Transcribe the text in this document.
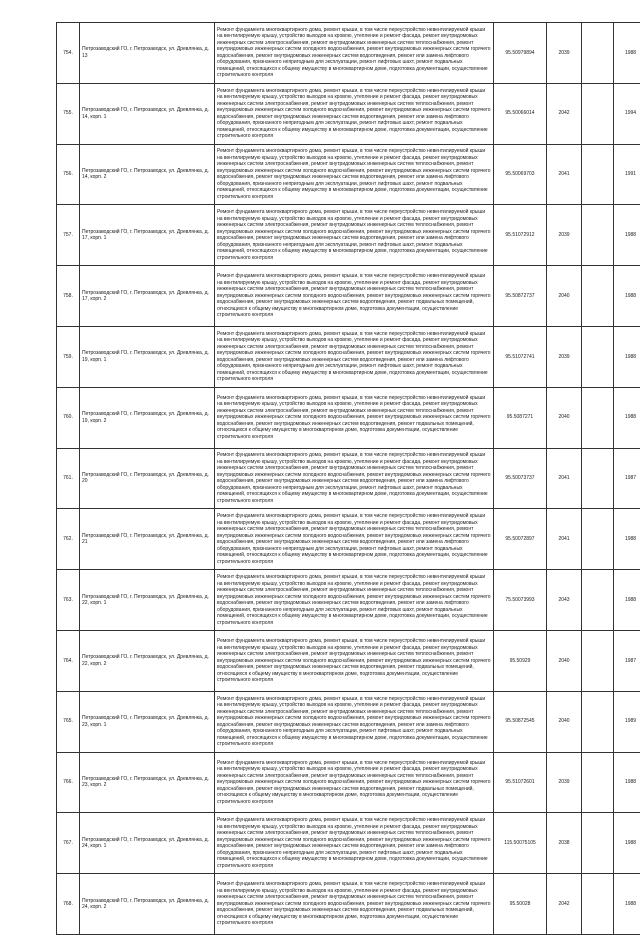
754.	Петрозаводский ГО, г. Петрозаводск, ул. Древлянка, д. 13	Ремонт фундамента многоквартирного дома, ремонт крыши, в том числе переустройство невентилируемой крыши на вентилируемую крышу, устройство выходов на кровлю, утепление и ремонт фасада, ремонт внутридомовых инженерных систем электроснабжения, ремонт внутридомовых инженерных систем теплоснабжения, ремонт внутридомовых инженерных систем холодного водоснабжения, ремонт внутридомовых инженерных систем горячего водоснабжения, ремонт внутридомовых инженерных систем водоотведения, ремонт или замена лифтового оборудования, признанного непригодным для эксплуатации, ремонт лифтовых шахт, ремонт подвальных помещений, относящихся к общему имуществу в многоквартирном доме, подготовка документации, осуществление строительного контроля	95.50979894	2039		1988
755.	Петрозаводский ГО, г. Петрозаводск, ул. Древлянка, д. 14, корп. 1	Ремонт фундамента многоквартирного дома, ремонт крыши, в том числе переустройство невентилируемой крыши на вентилируемую крышу, устройство выходов на кровлю, утепление и ремонт фасада, ремонт внутридомовых инженерных систем электроснабжения, ремонт внутридомовых инженерных систем теплоснабжения, ремонт внутридомовых инженерных систем холодного водоснабжения, ремонт внутридомовых инженерных систем горячего водоснабжения, ремонт внутридомовых инженерных систем водоотведения, ремонт или замена лифтового оборудования, признанного непригодным для эксплуатации, ремонт лифтовых шахт, ремонт подвальных помещений, относящихся к общему имуществу в многоквартирном доме, подготовка документации, осуществление строительного контроля	95.50066014	2042		1994
756.	Петрозаводский ГО, г. Петрозаводск, ул. Древлянка, д. 14, корп. 2	Ремонт фундамента многоквартирного дома, ремонт крыши, в том числе переустройство невентилируемой крыши на вентилируемую крышу, устройство выходов на кровлю, утепление и ремонт фасада, ремонт внутридомовых инженерных систем электроснабжения, ремонт внутридомовых инженерных систем теплоснабжения, ремонт внутридомовых инженерных систем холодного водоснабжения, ремонт внутридомовых инженерных систем горячего водоснабжения, ремонт внутридомовых инженерных систем водоотведения, ремонт или замена лифтового оборудования, признанного непригодным для эксплуатации, ремонт лифтовых шахт, ремонт подвальных помещений, относящихся к общему имуществу в многоквартирном доме, подготовка документации, осуществление строительного контроля	95.50069703	2041		1991
757.	Петрозаводский ГО, г. Петрозаводск, ул. Древлянка, д. 17, корп. 1	Ремонт фундамента многоквартирного дома, ремонт крыши, в том числе переустройство невентилируемой крыши на вентилируемую крышу, устройство выходов на кровлю, утепление и ремонт фасада, ремонт внутридомовых инженерных систем электроснабжения, ремонт внутридомовых инженерных систем теплоснабжения, ремонт внутридомовых инженерных систем холодного водоснабжения, ремонт внутридомовых инженерных систем горячего водоснабжения, ремонт внутридомовых инженерных систем водоотведения, ремонт или замена лифтового оборудования, признанного непригодным для эксплуатации, ремонт лифтовых шахт, ремонт подвальных помещений, относящихся к общему имуществу в многоквартирном доме, подготовка документации, осуществление строительного контроля	95.51072912	2039		1988
758.	Петрозаводский ГО, г. Петрозаводск, ул. Древлянка, д. 17, корп. 2	Ремонт фундамента многоквартирного дома, ремонт крыши, в том числе переустройство невентилируемой крыши на вентилируемую крышу, устройство выходов на кровлю, утепление и ремонт фасада, ремонт внутридомовых инженерных систем электроснабжения, ремонт внутридомовых инженерных систем теплоснабжения, ремонт внутридомовых инженерных систем холодного водоснабжения, ремонт внутридомовых инженерных систем горячего водоснабжения, ремонт внутридомовых инженерных систем водоотведения, ремонт подвальных помещений, относящихся к общему имуществу в многоквартирном доме, подготовка документации, осуществление строительного контроля	95.50872737	2040		1988
759.	Петрозаводский ГО, г. Петрозаводск, ул. Древлянка, д. 19, корп. 1	Ремонт фундамента многоквартирного дома, ремонт крыши, в том числе переустройство невентилируемой крыши на вентилируемую крышу, устройство выходов на кровлю, утепление и ремонт фасада, ремонт внутридомовых инженерных систем электроснабжения, ремонт внутридомовых инженерных систем теплоснабжения, ремонт внутридомовых инженерных систем холодного водоснабжения, ремонт внутридомовых инженерных систем горячего водоснабжения, ремонт внутридомовых инженерных систем водоотведения, ремонт или замена лифтового оборудования, признанного непригодным для эксплуатации, ремонт лифтовых шахт, ремонт подвальных помещений, относящихся к общему имуществу в многоквартирном доме, подготовка документации, осуществление строительного контроля	95.51072741	2039		1988
760.	Петрозаводский ГО, г. Петрозаводск, ул. Древлянка, д. 19, корп. 2	Ремонт фундамента многоквартирного дома, ремонт крыши, в том числе переустройство невентилируемой крыши на вентилируемую крышу, устройство выходов на кровлю, утепление и ремонт фасада, ремонт внутридомовых инженерных систем электроснабжения, ремонт внутридомовых инженерных систем теплоснабжения, ремонт внутридомовых инженерных систем холодного водоснабжения, ремонт внутридомовых инженерных систем горячего водоснабжения, ремонт внутридомовых инженерных систем водоотведения, ремонт подвальных помещений, относящихся к общему имуществу в многоквартирном доме, подготовка документации, осуществление строительного контроля	95.5087271	2040		1988
761.	Петрозаводский ГО, г. Петрозаводск, ул. Древлянка, д. 20	Ремонт фундамента многоквартирного дома, ремонт крыши, в том числе переустройство невентилируемой крыши на вентилируемую крышу, устройство выходов на кровлю, утепление и ремонт фасада, ремонт внутридомовых инженерных систем электроснабжения, ремонт внутридомовых инженерных систем теплоснабжения, ремонт внутридомовых инженерных систем холодного водоснабжения, ремонт внутридомовых инженерных систем горячего водоснабжения, ремонт внутридомовых инженерных систем водоотведения, ремонт или замена лифтового оборудования, признанного непригодным для эксплуатации, ремонт лифтовых шахт, ремонт подвальных помещений, относящихся к общему имуществу в многоквартирном доме, подготовка документации, осуществление строительного контроля	95.50073737	2041		1987
762.	Петрозаводский ГО, г. Петрозаводск, ул. Древлянка, д. 21	Ремонт фундамента многоквартирного дома, ремонт крыши, в том числе переустройство невентилируемой крыши на вентилируемую крышу, устройство выходов на кровлю, утепление и ремонт фасада, ремонт внутридомовых инженерных систем электроснабжения, ремонт внутридомовых инженерных систем теплоснабжения, ремонт внутридомовых инженерных систем холодного водоснабжения, ремонт внутридомовых инженерных систем горячего водоснабжения, ремонт внутридомовых инженерных систем водоотведения, ремонт или замена лифтового оборудования, признанного непригодным для эксплуатации, ремонт лифтовых шахт, ремонт подвальных помещений, относящихся к общему имуществу в многоквартирном доме, подготовка документации, осуществление строительного контроля	95.50072897	2041		1988
763.	Петрозаводский ГО, г. Петрозаводск, ул. Древлянка, д. 22, корп. 1	Ремонт фундамента многоквартирного дома, ремонт крыши, в том числе переустройство невентилируемой крыши на вентилируемую крышу, устройство выходов на кровлю, утепление и ремонт фасада, ремонт внутридомовых инженерных систем электроснабжения, ремонт внутридомовых инженерных систем теплоснабжения, ремонт внутридомовых инженерных систем холодного водоснабжения, ремонт внутридомовых инженерных систем горячего водоснабжения, ремонт внутридомовых инженерных систем водоотведения, ремонт или замена лифтового оборудования, признанного непригодным для эксплуатации, ремонт лифтовых шахт, ремонт подвальных помещений, относящихся к общему имуществу в многоквартирном доме, подготовка документации, осуществление строительного контроля	75.50073993	2043		1988
764.	Петрозаводский ГО, г. Петрозаводск, ул. Древлянка, д. 22, корп. 2	Ремонт фундамента многоквартирного дома, ремонт крыши, в том числе переустройство невентилируемой крыши на вентилируемую крышу, устройство выходов на кровлю, утепление и ремонт фасада, ремонт внутридомовых инженерных систем электроснабжения, ремонт внутридомовых инженерных систем теплоснабжения, ремонт внутридомовых инженерных систем холодного водоснабжения, ремонт внутридомовых инженерных систем горячего водоснабжения, ремонт внутридомовых инженерных систем водоотведения, ремонт подвальных помещений, относящихся к общему имуществу в многоквартирном доме, подготовка документации, осуществление строительного контроля	95.50929	2040		1987
765.	Петрозаводский ГО, г. Петрозаводск, ул. Древлянка, д. 23, корп. 1	Ремонт фундамента многоквартирного дома, ремонт крыши, в том числе переустройство невентилируемой крыши на вентилируемую крышу, устройство выходов на кровлю, утепление и ремонт фасада, ремонт внутридомовых инженерных систем электроснабжения, ремонт внутридомовых инженерных систем теплоснабжения, ремонт внутридомовых инженерных систем холодного водоснабжения, ремонт внутридомовых инженерных систем горячего водоснабжения, ремонт внутридомовых инженерных систем водоотведения, ремонт или замена лифтового оборудования, признанного непригодным для эксплуатации, ремонт лифтовых шахт, ремонт подвальных помещений, относящихся к общему имуществу в многоквартирном доме, подготовка документации, осуществление строительного контроля	95.50872545	2040		1989
766.	Петрозаводский ГО, г. Петрозаводск, ул. Древлянка, д. 23, корп. 2	Ремонт фундамента многоквартирного дома, ремонт крыши, в том числе переустройство невентилируемой крыши на вентилируемую крышу, устройство выходов на кровлю, утепление и ремонт фасада, ремонт внутридомовых инженерных систем электроснабжения, ремонт внутридомовых инженерных систем теплоснабжения, ремонт внутридомовых инженерных систем холодного водоснабжения, ремонт внутридомовых инженерных систем горячего водоснабжения, ремонт внутридомовых инженерных систем водоотведения, ремонт подвальных помещений, относящихся к общему имуществу в многоквартирном доме, подготовка документации, осуществление строительного контроля	95.51072601	2039		1988
767.	Петрозаводский ГО, г. Петрозаводск, ул. Древлянка, д. 24, корп. 1	Ремонт фундамента многоквартирного дома, ремонт крыши, в том числе переустройство невентилируемой крыши на вентилируемую крышу, устройство выходов на кровлю, утепление и ремонт фасада, ремонт внутридомовых инженерных систем электроснабжения, ремонт внутридомовых инженерных систем теплоснабжения, ремонт внутридомовых инженерных систем холодного водоснабжения, ремонт внутридомовых инженерных систем горячего водоснабжения, ремонт внутридомовых инженерных систем водоотведения, ремонт или замена лифтового оборудования, признанного непригодным для эксплуатации, ремонт лифтовых шахт, ремонт подвальных помещений, относящихся к общему имуществу в многоквартирном доме, подготовка документации, осуществление строительного контроля	115.50075105	2038		1988
768.	Петрозаводский ГО, г. Петрозаводск, ул. Древлянка, д. 24, корп. 2	Ремонт фундамента многоквартирного дома, ремонт крыши, в том числе переустройство невентилируемой крыши на вентилируемую крышу, устройство выходов на кровлю, утепление и ремонт фасада, ремонт внутридомовых инженерных систем электроснабжения, ремонт внутридомовых инженерных систем теплоснабжения, ремонт внутридомовых инженерных систем холодного водоснабжения, ремонт внутридомовых инженерных систем горячего водоснабжения, ремонт внутридомовых инженерных систем водоотведения, ремонт подвальных помещений, относящихся к общему имуществу в многоквартирном доме, подготовка документации, осуществление строительного контроля	95.50028	2042		1988
